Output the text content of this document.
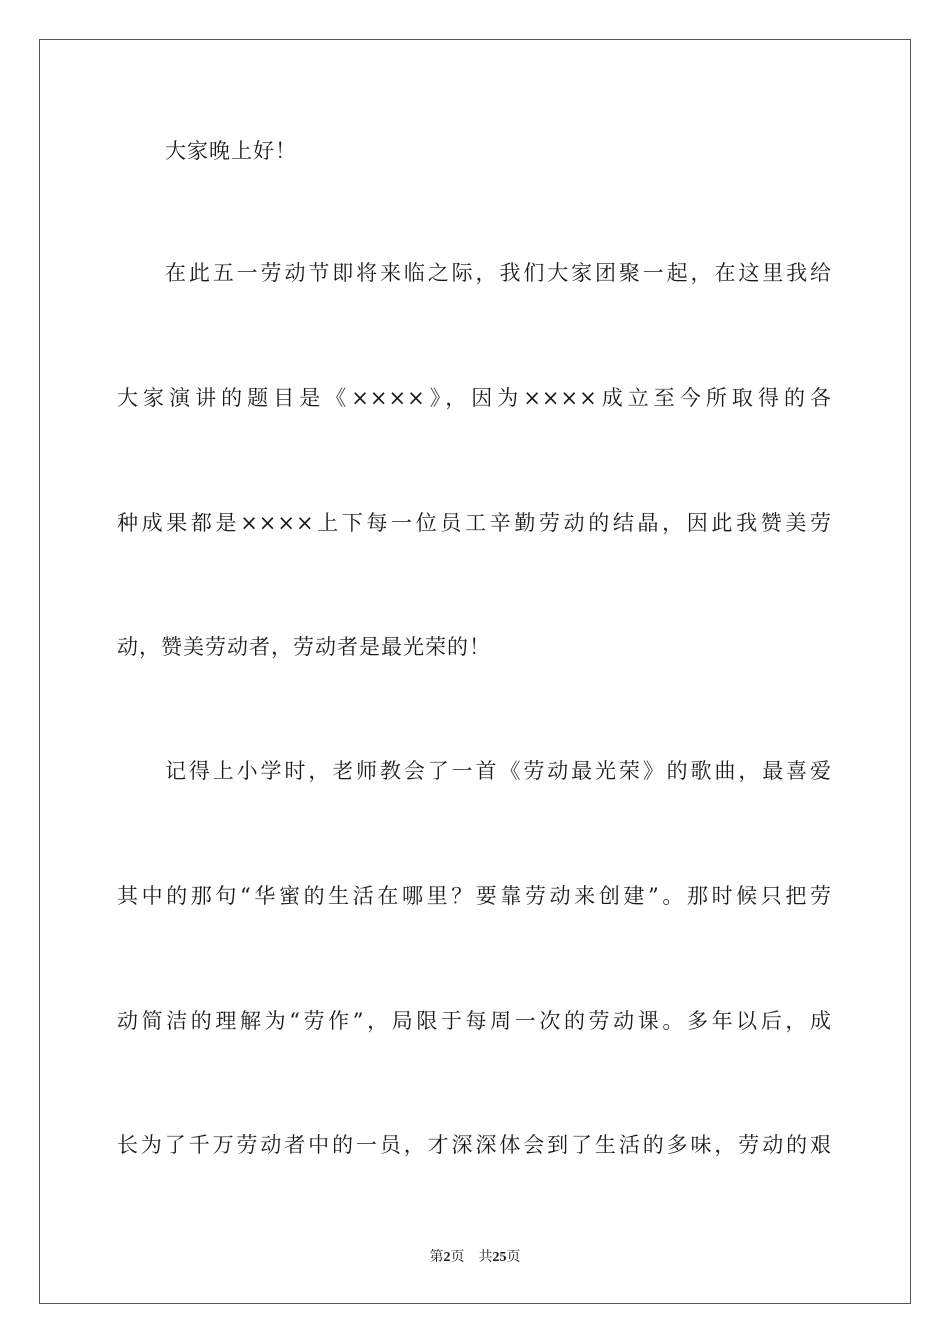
大家晚上好！
在此五一劳动节即将来临之际，我们大家团聚一起，在这里我给
大家演讲的题目是《××××》，因为××××成立至今所取得的各
种成果都是××××上下每一位员工辛勤劳动的结晶，因此我赞美劳
动，赞美劳动者，劳动者是最光荣的！
记得上小学时，老师教会了一首《劳动最光荣》的歌曲，最喜爱
其中的那句“华蜜的生活在哪里？要靠劳动来创建”。那时候只把劳
动简洁的理解为“劳作”，局限于每周一次的劳动课。多年以后，成
长为了千万劳动者中的一员，才深深体会到了生活的多味，劳动的艰
第2页 共25页
